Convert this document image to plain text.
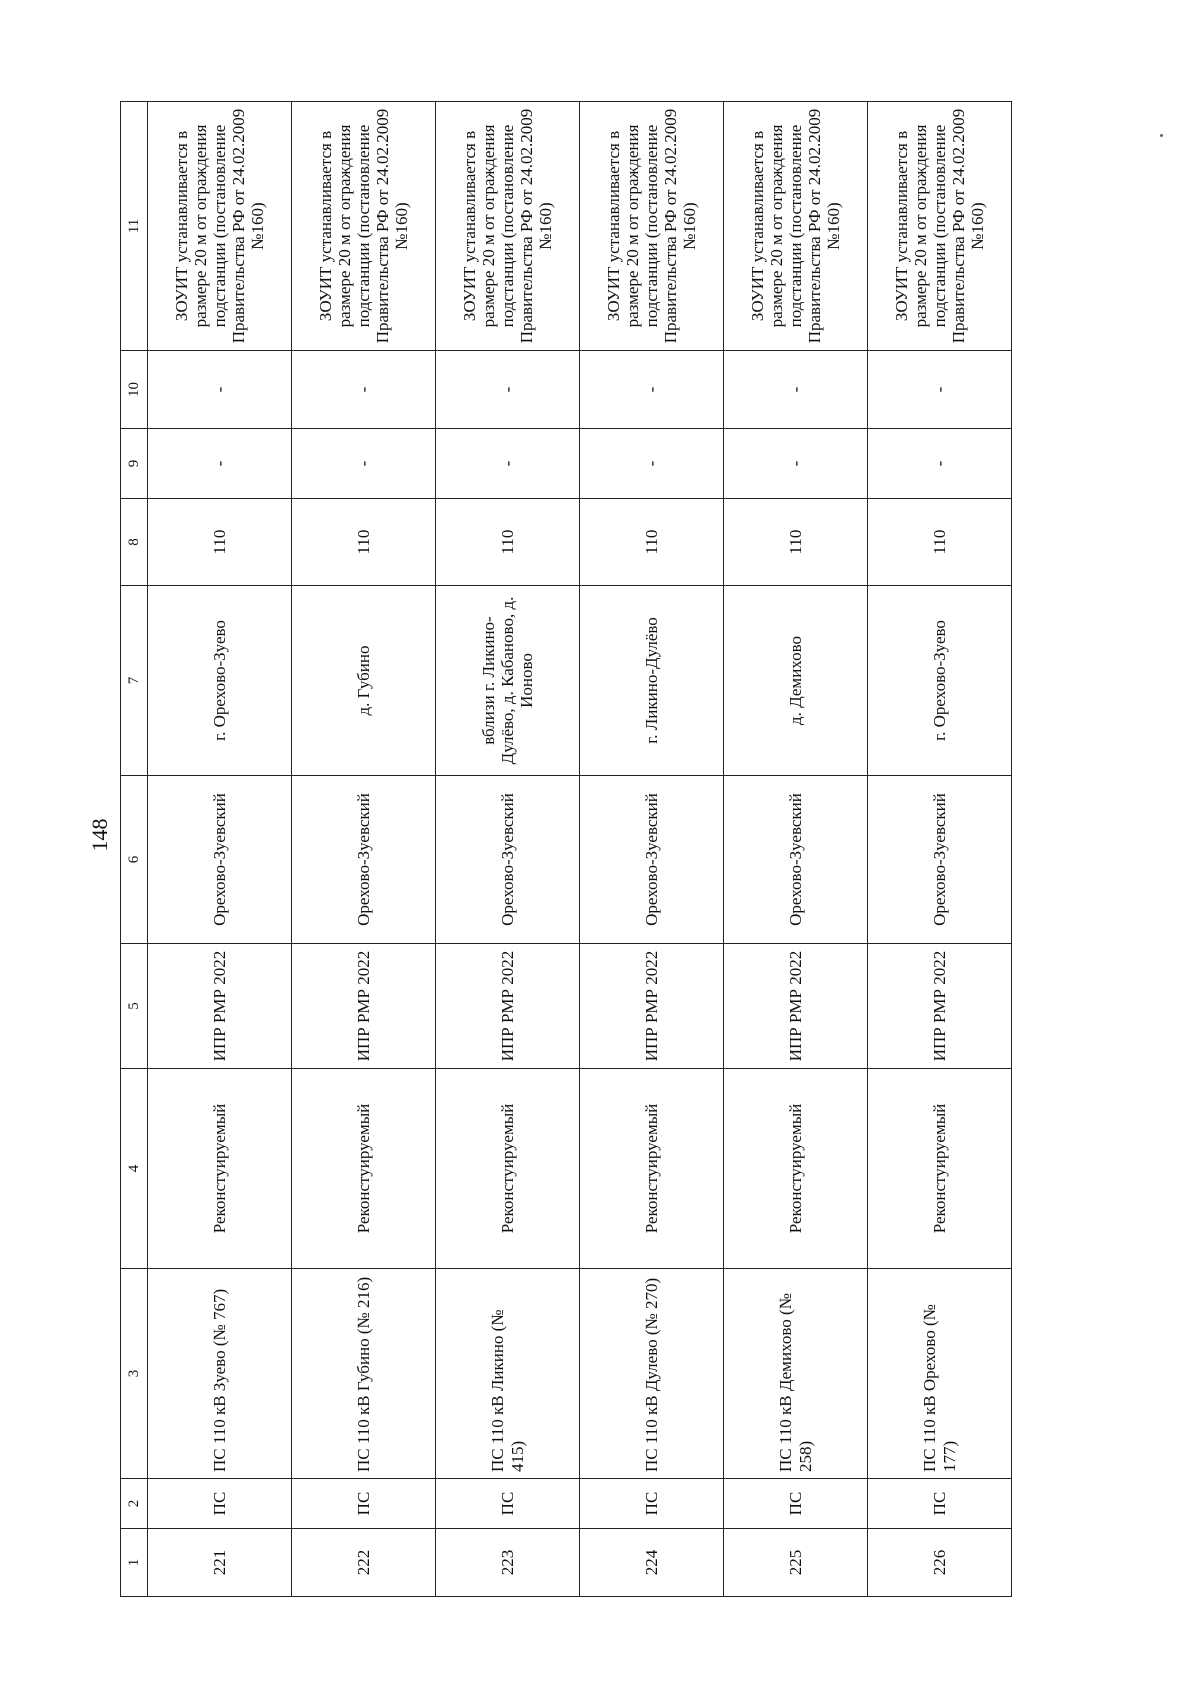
148
1	2	3	4	5	6	7	8	9	10	11
221	ПС	ПС 110 кВ Зуево (№ 767)	Реконстуируемый	ИПР РМР 2022	Орехово-Зуевский	г. Орехово-Зуево	110	-	-	ЗОУИТ устанавливается в размере 20 м от ограждения подстанции (постановление Правительства РФ от 24.02.2009 №160)
222	ПС	ПС 110 кВ Губино (№ 216)	Реконстуируемый	ИПР РМР 2022	Орехово-Зуевский	д. Губино	110	-	-	ЗОУИТ устанавливается в размере 20 м от ограждения подстанции (постановление Правительства РФ от 24.02.2009 №160)
223	ПС	ПС 110 кВ Ликино (№ 415)	Реконстуируемый	ИПР РМР 2022	Орехово-Зуевский	вблизи г. Ликино-Дулёво, д. Кабаново, д. Ионово	110	-	-	ЗОУИТ устанавливается в размере 20 м от ограждения подстанции (постановление Правительства РФ от 24.02.2009 №160)
224	ПС	ПС 110 кВ Дулево (№ 270)	Реконстуируемый	ИПР РМР 2022	Орехово-Зуевский	г. Ликино-Дулёво	110	-	-	ЗОУИТ устанавливается в размере 20 м от ограждения подстанции (постановление Правительства РФ от 24.02.2009 №160)
225	ПС	ПС 110 кВ Демихово (№ 258)	Реконстуируемый	ИПР РМР 2022	Орехово-Зуевский	д. Демихово	110	-	-	ЗОУИТ устанавливается в размере 20 м от ограждения подстанции (постановление Правительства РФ от 24.02.2009 №160)
226	ПС	ПС 110 кВ Орехово (№ 177)	Реконстуируемый	ИПР РМР 2022	Орехово-Зуевский	г. Орехово-Зуево	110	-	-	ЗОУИТ устанавливается в размере 20 м от ограждения подстанции (постановление Правительства РФ от 24.02.2009 №160)
